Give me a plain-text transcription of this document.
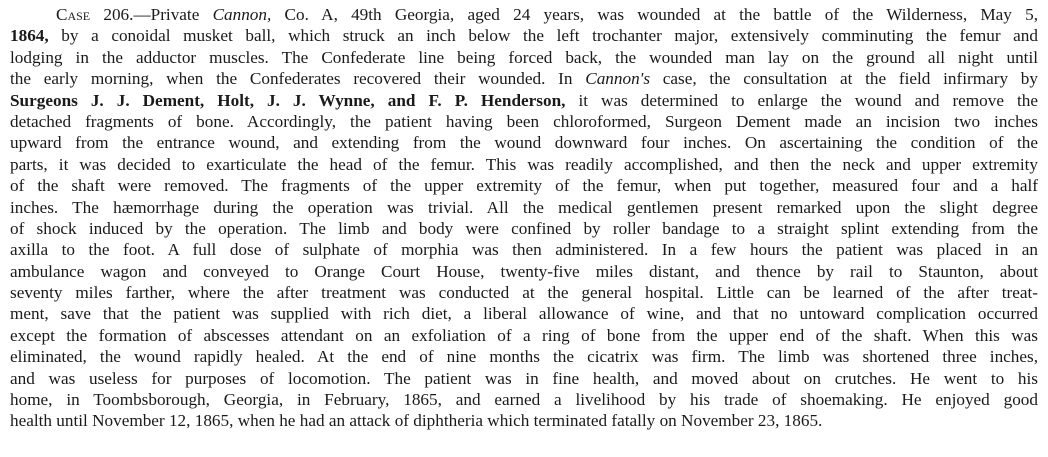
Case 206.—Private Cannon, Co. A, 49th Georgia, aged 24 years, was wounded at the battle of the Wilderness, May 5,
1864, by a conoidal musket ball, which struck an inch below the left trochanter major, extensively comminuting the femur and
lodging in the adductor muscles. The Confederate line being forced back, the wounded man lay on the ground all night until
the early morning, when the Confederates recovered their wounded. In Cannon's case, the consultation at the field infirmary by
Surgeons J. J. Dement, Holt, J. J. Wynne, and F. P. Henderson, it was determined to enlarge the wound and remove the
detached fragments of bone. Accordingly, the patient having been chloroformed, Surgeon Dement made an incision two inches
upward from the entrance wound, and extending from the wound downward four inches. On ascertaining the condition of the
parts, it was decided to exarticulate the head of the femur. This was readily accomplished, and then the neck and upper extremity
of the shaft were removed. The fragments of the upper extremity of the femur, when put together, measured four and a half
inches. The hæmorrhage during the operation was trivial. All the medical gentlemen present remarked upon the slight degree
of shock induced by the operation. The limb and body were confined by roller bandage to a straight splint extending from the
axilla to the foot. A full dose of sulphate of morphia was then administered. In a few hours the patient was placed in an
ambulance wagon and conveyed to Orange Court House, twenty-five miles distant, and thence by rail to Staunton, about
seventy miles farther, where the after treatment was conducted at the general hospital. Little can be learned of the after treat-
ment, save that the patient was supplied with rich diet, a liberal allowance of wine, and that no untoward complication occurred
except the formation of abscesses attendant on an exfoliation of a ring of bone from the upper end of the shaft. When this was
eliminated, the wound rapidly healed. At the end of nine months the cicatrix was firm. The limb was shortened three inches,
and was useless for purposes of locomotion. The patient was in fine health, and moved about on crutches. He went to his
home, in Toombsborough, Georgia, in February, 1865, and earned a livelihood by his trade of shoemaking. He enjoyed good
health until November 12, 1865, when he had an attack of diphtheria which terminated fatally on November 23, 1865.
